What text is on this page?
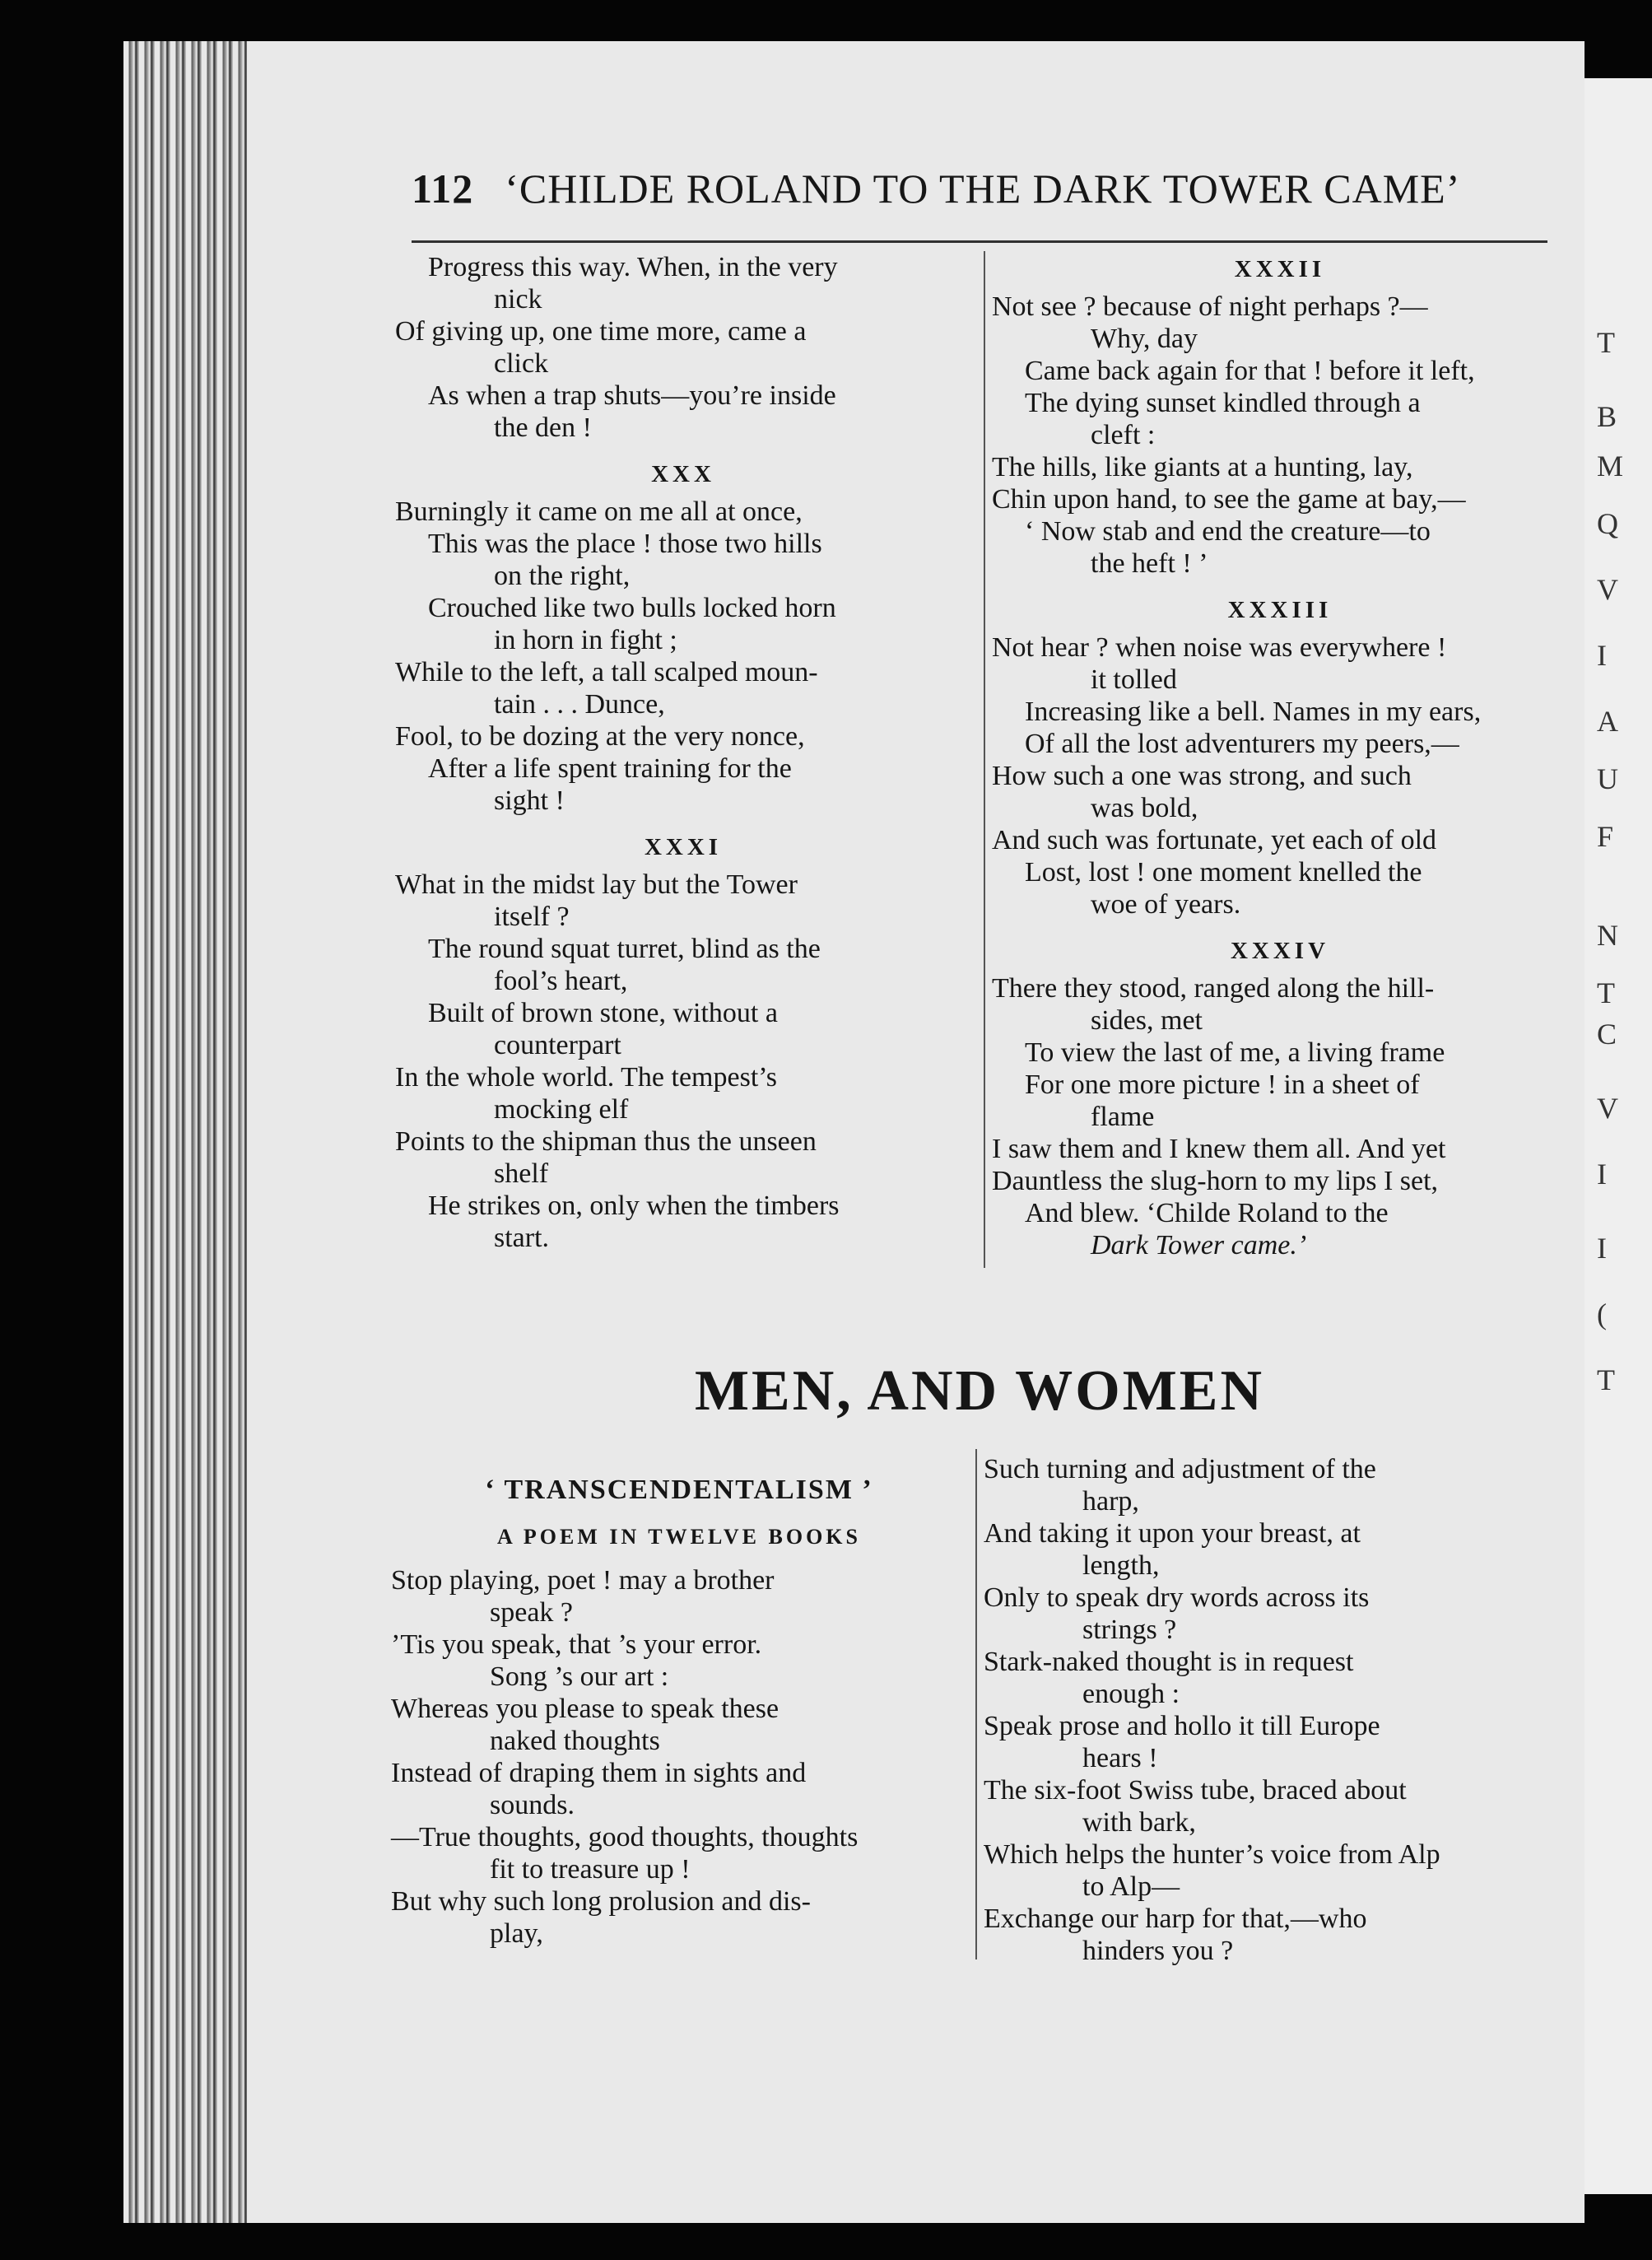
T
B
M
Q
V
I
A
U
F
N
T
C
V
I
I
(
T
112 ‘CHILDE ROLAND TO THE DARK TOWER CAME’
Progress this way. When, in the very
nick
Of giving up, one time more, came a
click
As when a trap shuts—you’re inside
the den !
XXX
Burningly it came on me all at once,
This was the place ! those two hills
on the right,
Crouched like two bulls locked horn
in horn in fight ;
While to the left, a tall scalped moun-
tain . . . Dunce,
Fool, to be dozing at the very nonce,
After a life spent training for the
sight !
XXXI
What in the midst lay but the Tower
itself ?
The round squat turret, blind as the
fool’s heart,
Built of brown stone, without a
counterpart
In the whole world. The tempest’s
mocking elf
Points to the shipman thus the unseen
shelf
He strikes on, only when the timbers
start.
XXXII
Not see ? because of night perhaps ?—
Why, day
Came back again for that ! before it left,
The dying sunset kindled through a
cleft :
The hills, like giants at a hunting, lay,
Chin upon hand, to see the game at bay,—
‘ Now stab and end the creature—to
the heft ! ’
XXXIII
Not hear ? when noise was everywhere !
it tolled
Increasing like a bell. Names in my ears,
Of all the lost adventurers my peers,—
How such a one was strong, and such
was bold,
And such was fortunate, yet each of old
Lost, lost ! one moment knelled the
woe of years.
XXXIV
There they stood, ranged along the hill-
sides, met
To view the last of me, a living frame
For one more picture ! in a sheet of
flame
I saw them and I knew them all. And yet
Dauntless the slug-horn to my lips I set,
And blew. ‘Childe Roland to the
Dark Tower came.’
MEN, AND WOMEN
‘ TRANSCENDENTALISM ’
A POEM IN TWELVE BOOKS
Stop playing, poet ! may a brother
speak ?
’Tis you speak, that ’s your error.
Song ’s our art :
Whereas you please to speak these
naked thoughts
Instead of draping them in sights and
sounds.
—True thoughts, good thoughts, thoughts
fit to treasure up !
But why such long prolusion and dis-
play,
Such turning and adjustment of the
harp,
And taking it upon your breast, at
length,
Only to speak dry words across its
strings ?
Stark-naked thought is in request
enough :
Speak prose and hollo it till Europe
hears !
The six-foot Swiss tube, braced about
with bark,
Which helps the hunter’s voice from Alp
to Alp—
Exchange our harp for that,—who
hinders you ?
